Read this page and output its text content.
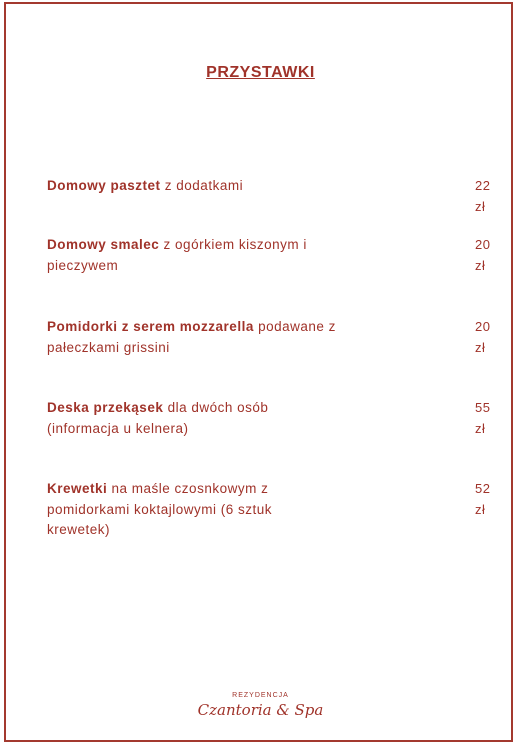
PRZYSTAWKI
Domowy pasztet z dodatkami	22 zł
Domowy smalec z ogórkiem kiszonym i pieczywem
20 zł
Pomidorki z serem mozzarella podawane z pałeczkami grissini
20 zł
Deska przekąsek dla dwóch osób (informacja u kelnera)
55 zł
Krewetki na maśle czosnkowym z pomidorkami koktajlowymi (6 sztuk krewetek)
52 zł
REZYDENCJA
Czantoria & Spa
